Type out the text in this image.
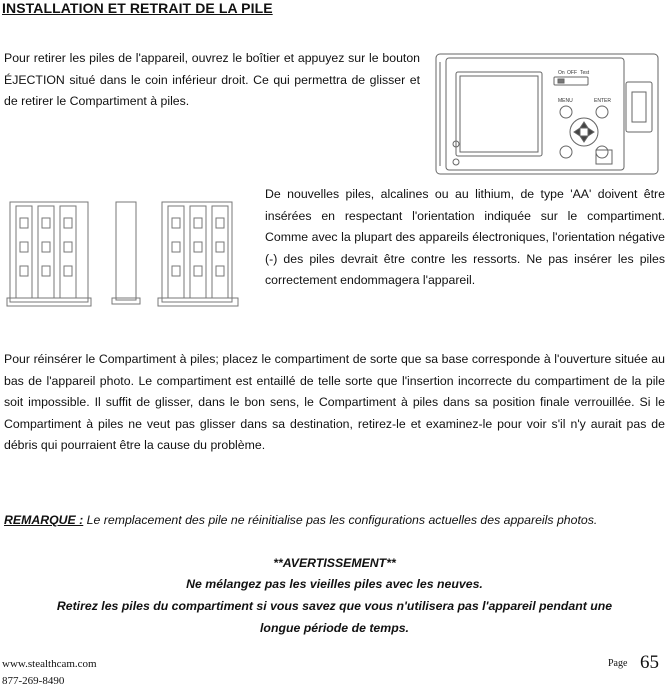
INSTALLATION ET RETRAIT DE LA PILE
Pour retirer les piles de l'appareil, ouvrez le boîtier et appuyez sur le bouton ÉJECTION situé dans le coin inférieur droit. Ce qui permettra de glisser et de retirer le Compartiment à piles.
On OFF Test
MENU	ENTER
De nouvelles piles, alcalines ou au lithium, de type 'AA' doivent être insérées en respectant l'orientation indiquée sur le compartiment. Comme avec la plupart des appareils électroniques, l'orientation négative (-) des piles devrait être contre les ressorts. Ne pas insérer les piles correctement endommagera l'appareil.
Pour réinsérer le Compartiment à piles; placez le compartiment de sorte que sa base corresponde à l'ouverture située au bas de l'appareil photo. Le compartiment est entaillé de telle sorte que l'insertion incorrecte du compartiment de la pile soit impossible. Il suffit de glisser, dans le bon sens, le Compartiment à piles dans sa position finale verrouillée. Si le Compartiment à piles ne veut pas glisser dans sa destination, retirez-le et examinez-le pour voir s'il n'y aurait pas de débris qui pourraient être la cause du problème.
REMARQUE : Le remplacement des pile ne réinitialise pas les configurations actuelles des appareils photos.
**AVERTISSEMENT**
Ne mélangez pas les vieilles piles avec les neuves.
Retirez les piles du compartiment si vous savez que vous n'utilisera pas l'appareil pendant une
longue période de temps.
www.stealthcam.com
877-269-8490
Page 65
